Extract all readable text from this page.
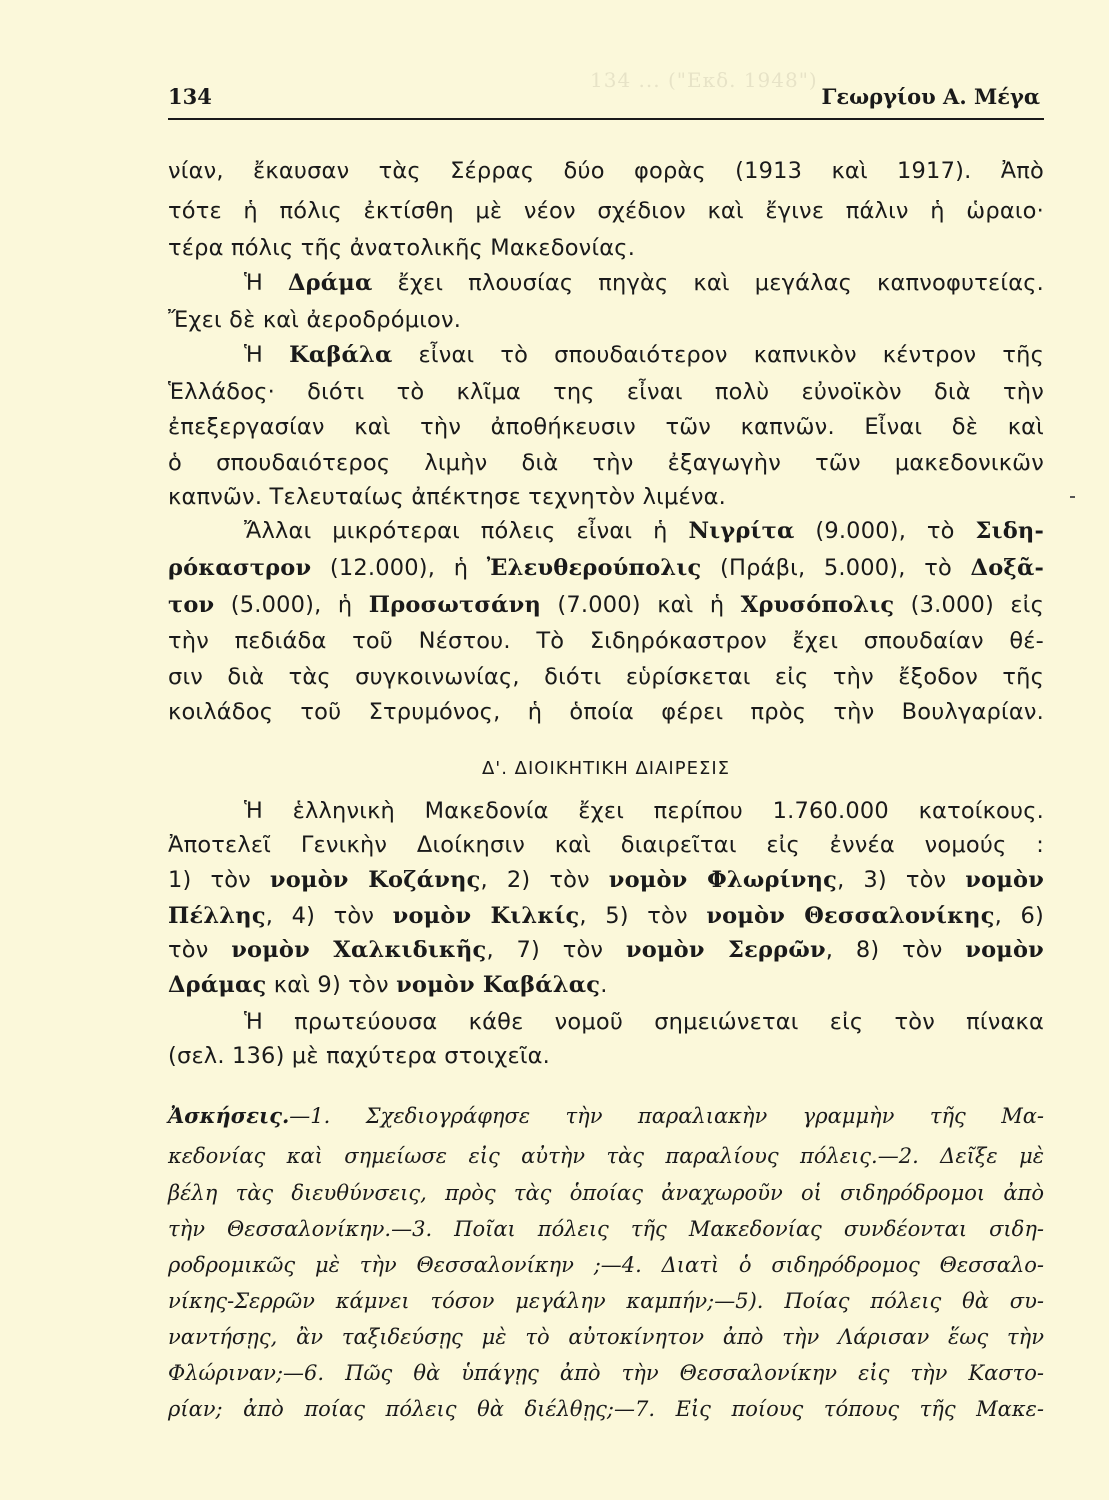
134 ... ("Εκδ. 1948")
134	Γεωργίου Α. Μέγα
νίαν, ἔκαυσαν τὰς Σέρρας δύο φορὰς (1913 καὶ 1917). Ἀπὸ
τότε ἡ πόλις ἐκτίσθη μὲ νέον σχέδιον καὶ ἔγινε πάλιν ἡ ὡραιο·
τέρα πόλις τῆς ἀνατολικῆς Μακεδονίας.
Ἡ Δράμα ἔχει πλουσίας πηγὰς καὶ μεγάλας καπνοφυτείας.
Ἔχει δὲ καὶ ἀεροδρόμιον.
Ἡ Καβάλα εἶναι τὸ σπουδαιότερον καπνικὸν κέντρον τῆς
Ἑλλάδος· διότι τὸ κλῖμα της εἶναι πολὺ εὐνοϊκὸν διὰ τὴν
ἐπεξεργασίαν καὶ τὴν ἀποθήκευσιν τῶν καπνῶν. Εἶναι δὲ καὶ
ὁ σπουδαιότερος λιμὴν διὰ τὴν ἐξαγωγὴν τῶν μακεδονικῶν
καπνῶν. Τελευταίως ἀπέκτησε τεχνητὸν λιμένα.
Ἄλλαι μικρότεραι πόλεις εἶναι ἡ Νιγρίτα (9.000), τὸ Σιδη-
ρόκαστρον (12.000), ἡ Ἐλευθερούπολις (Πράβι, 5.000), τὸ Δοξᾶ-
τον (5.000), ἡ Προσωτσάνη (7.000) καὶ ἡ Χρυσόπολις (3.000) εἰς
τὴν πεδιάδα τοῦ Νέστου. Τὸ Σιδηρόκαστρον ἔχει σπουδαίαν θέ-
σιν διὰ τὰς συγκοινωνίας, διότι εὑρίσκεται εἰς τὴν ἔξοδον τῆς
κοιλάδος τοῦ Στρυμόνος, ἡ ὁποία φέρει πρὸς τὴν Βουλγαρίαν.
Δ'. ΔΙΟΙΚΗΤΙΚΗ ΔΙΑΙΡΕΣΙΣ
Ἡ ἑλληνικὴ Μακεδονία ἔχει περίπου 1.760.000 κατοίκους.
Ἀποτελεῖ Γενικὴν Διοίκησιν καὶ διαιρεῖται εἰς ἐννέα νομούς :
1) τὸν νομὸν Κοζάνης, 2) τὸν νομὸν Φλωρίνης, 3) τὸν νομὸν
Πέλλης, 4) τὸν νομὸν Κιλκίς, 5) τὸν νομὸν Θεσσαλονίκης, 6)
τὸν νομὸν Χαλκιδικῆς, 7) τὸν νομὸν Σερρῶν, 8) τὸν νομὸν
Δράμας καὶ 9) τὸν νομὸν Καβάλας.
Ἡ πρωτεύουσα κάθε νομοῦ σημειώνεται εἰς τὸν πίνακα
(σελ. 136) μὲ παχύτερα στοιχεῖα.
Ἀσκήσεις.—1. Σχεδιογράφησε τὴν παραλιακὴν γραμμὴν τῆς Μα-
κεδονίας καὶ σημείωσε εἰς αὐτὴν τὰς παραλίους πόλεις.—2. Δεῖξε μὲ
βέλη τὰς διευθύνσεις, πρὸς τὰς ὁποίας ἀναχωροῦν οἱ σιδηρόδρομοι ἀπὸ
τὴν Θεσσαλονίκην.—3. Ποῖαι πόλεις τῆς Μακεδονίας συνδέονται σιδη-
ροδρομικῶς μὲ τὴν Θεσσαλονίκην ;—4. Διατὶ ὁ σιδηρόδρομος Θεσσαλο-
νίκης-Σερρῶν κάμνει τόσον μεγάλην καμπήν;—5). Ποίας πόλεις θὰ συ-
ναντήσῃς, ἂν ταξιδεύσῃς μὲ τὸ αὐτοκίνητον ἀπὸ τὴν Λάρισαν ἕως τὴν
Φλώριναν;—6. Πῶς θὰ ὑπάγῃς ἀπὸ τὴν Θεσσαλονίκην εἰς τὴν Καστο-
ρίαν; ἀπὸ ποίας πόλεις θὰ διέλθῃς;—7. Εἰς ποίους τόπους τῆς Μακε-
